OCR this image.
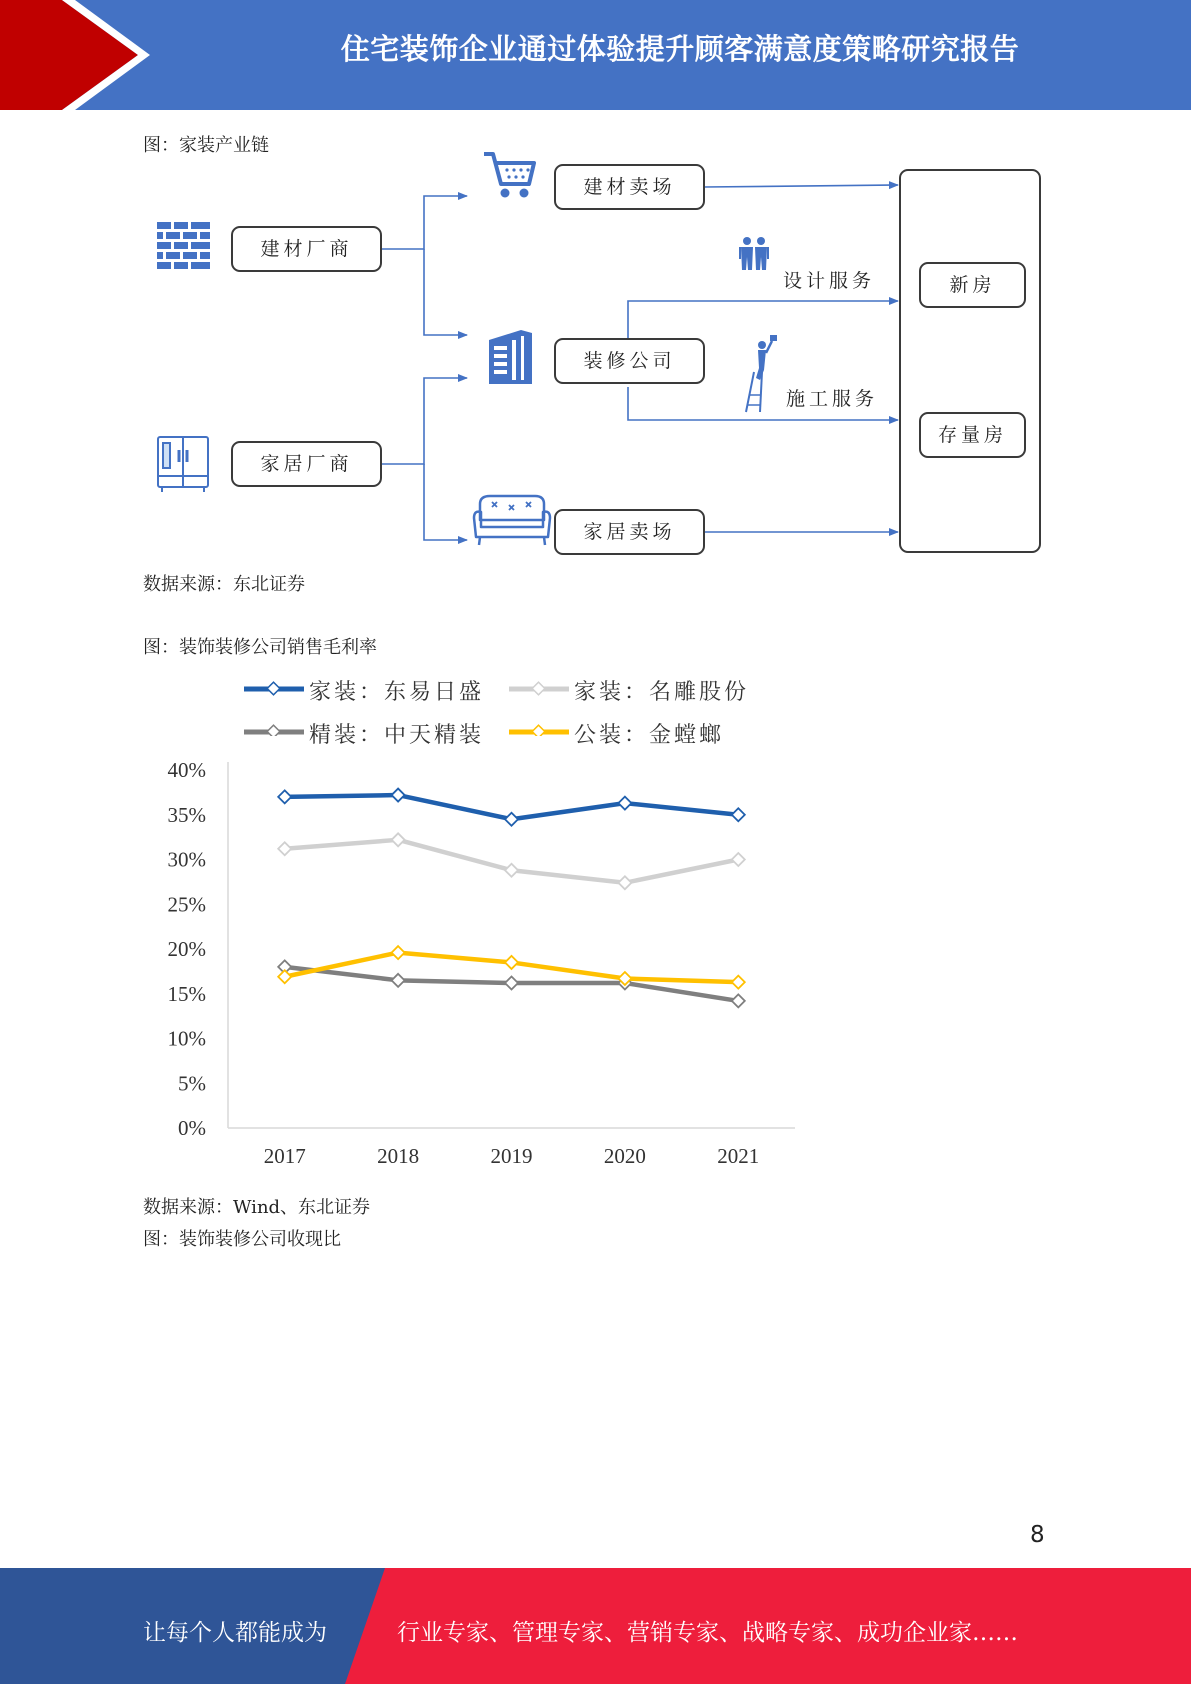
住宅装饰企业通过体验提升顾客满意度策略研究报告
图：家装产业链
建材厂商
家居厂商
建材卖场
装修公司
家居卖场
新房
存量房
设计服务
施工服务
数据来源：东北证券
图：装饰装修公司销售毛利率
家装：东易日盛	家装：名雕股份
精装：中天精装	公装：金螳螂
0%
5%
10%
15%
20%
25%
30%
35%
40%
2017	2018	2019	2020	2021
数据来源：Wind、东北证券
图：装饰装修公司收现比
8
让每个人都能成为	行业专家、管理专家、营销专家、战略专家、成功企业家……
